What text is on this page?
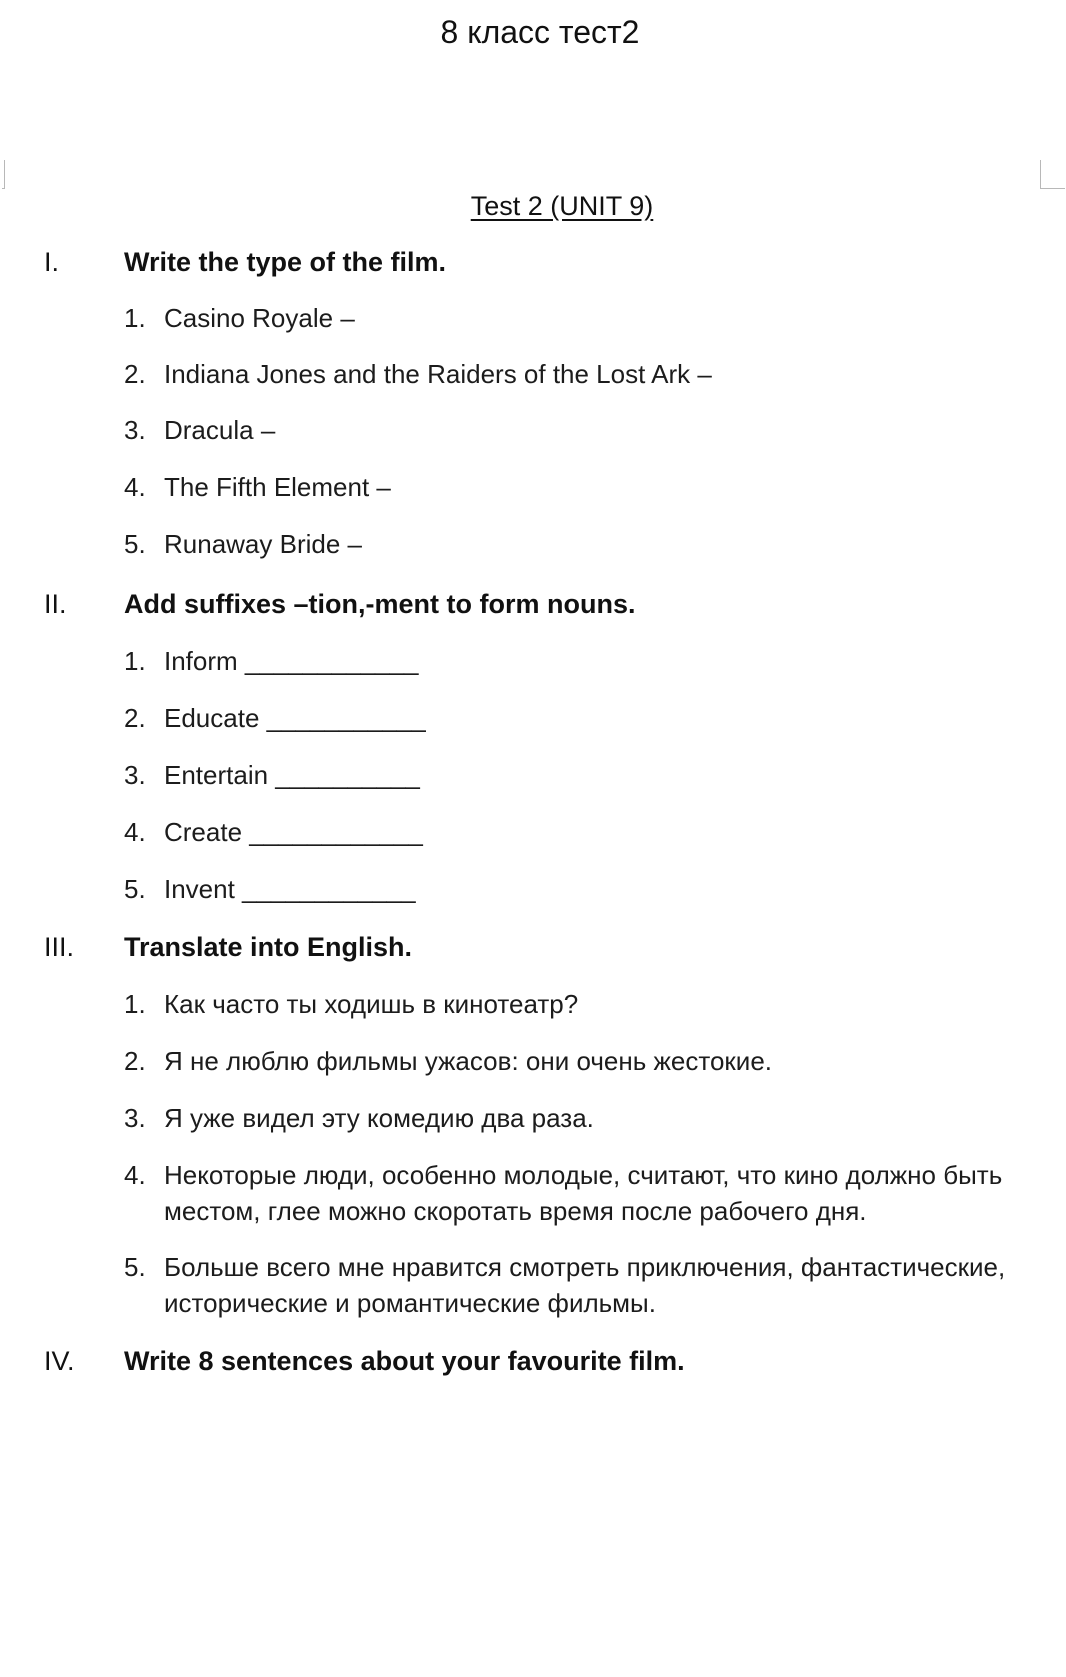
8 класс тест2
Test 2 (UNIT 9)
I. Write the type of the film.
1. Casino Royale –
2. Indiana Jones and the Raiders of the Lost Ark –
3. Dracula –
4. The Fifth Element –
5. Runaway Bride –
II. Add suffixes –tion,-ment to form nouns.
1. Inform ____________
2. Educate ___________
3. Entertain __________
4. Create ____________
5. Invent ____________
III. Translate into English.
1. Как часто ты ходишь в кинотеатр?
2. Я не люблю фильмы ужасов: они очень жестокие.
3. Я уже видел эту комедию два раза.
4. Некоторые люди, особенно молодые, считают, что кино должно быть местом, глее можно скоротать время после рабочего дня.
5. Больше всего мне нравится смотреть приключения, фантастические, исторические и романтические фильмы.
IV. Write 8 sentences about your favourite film.
